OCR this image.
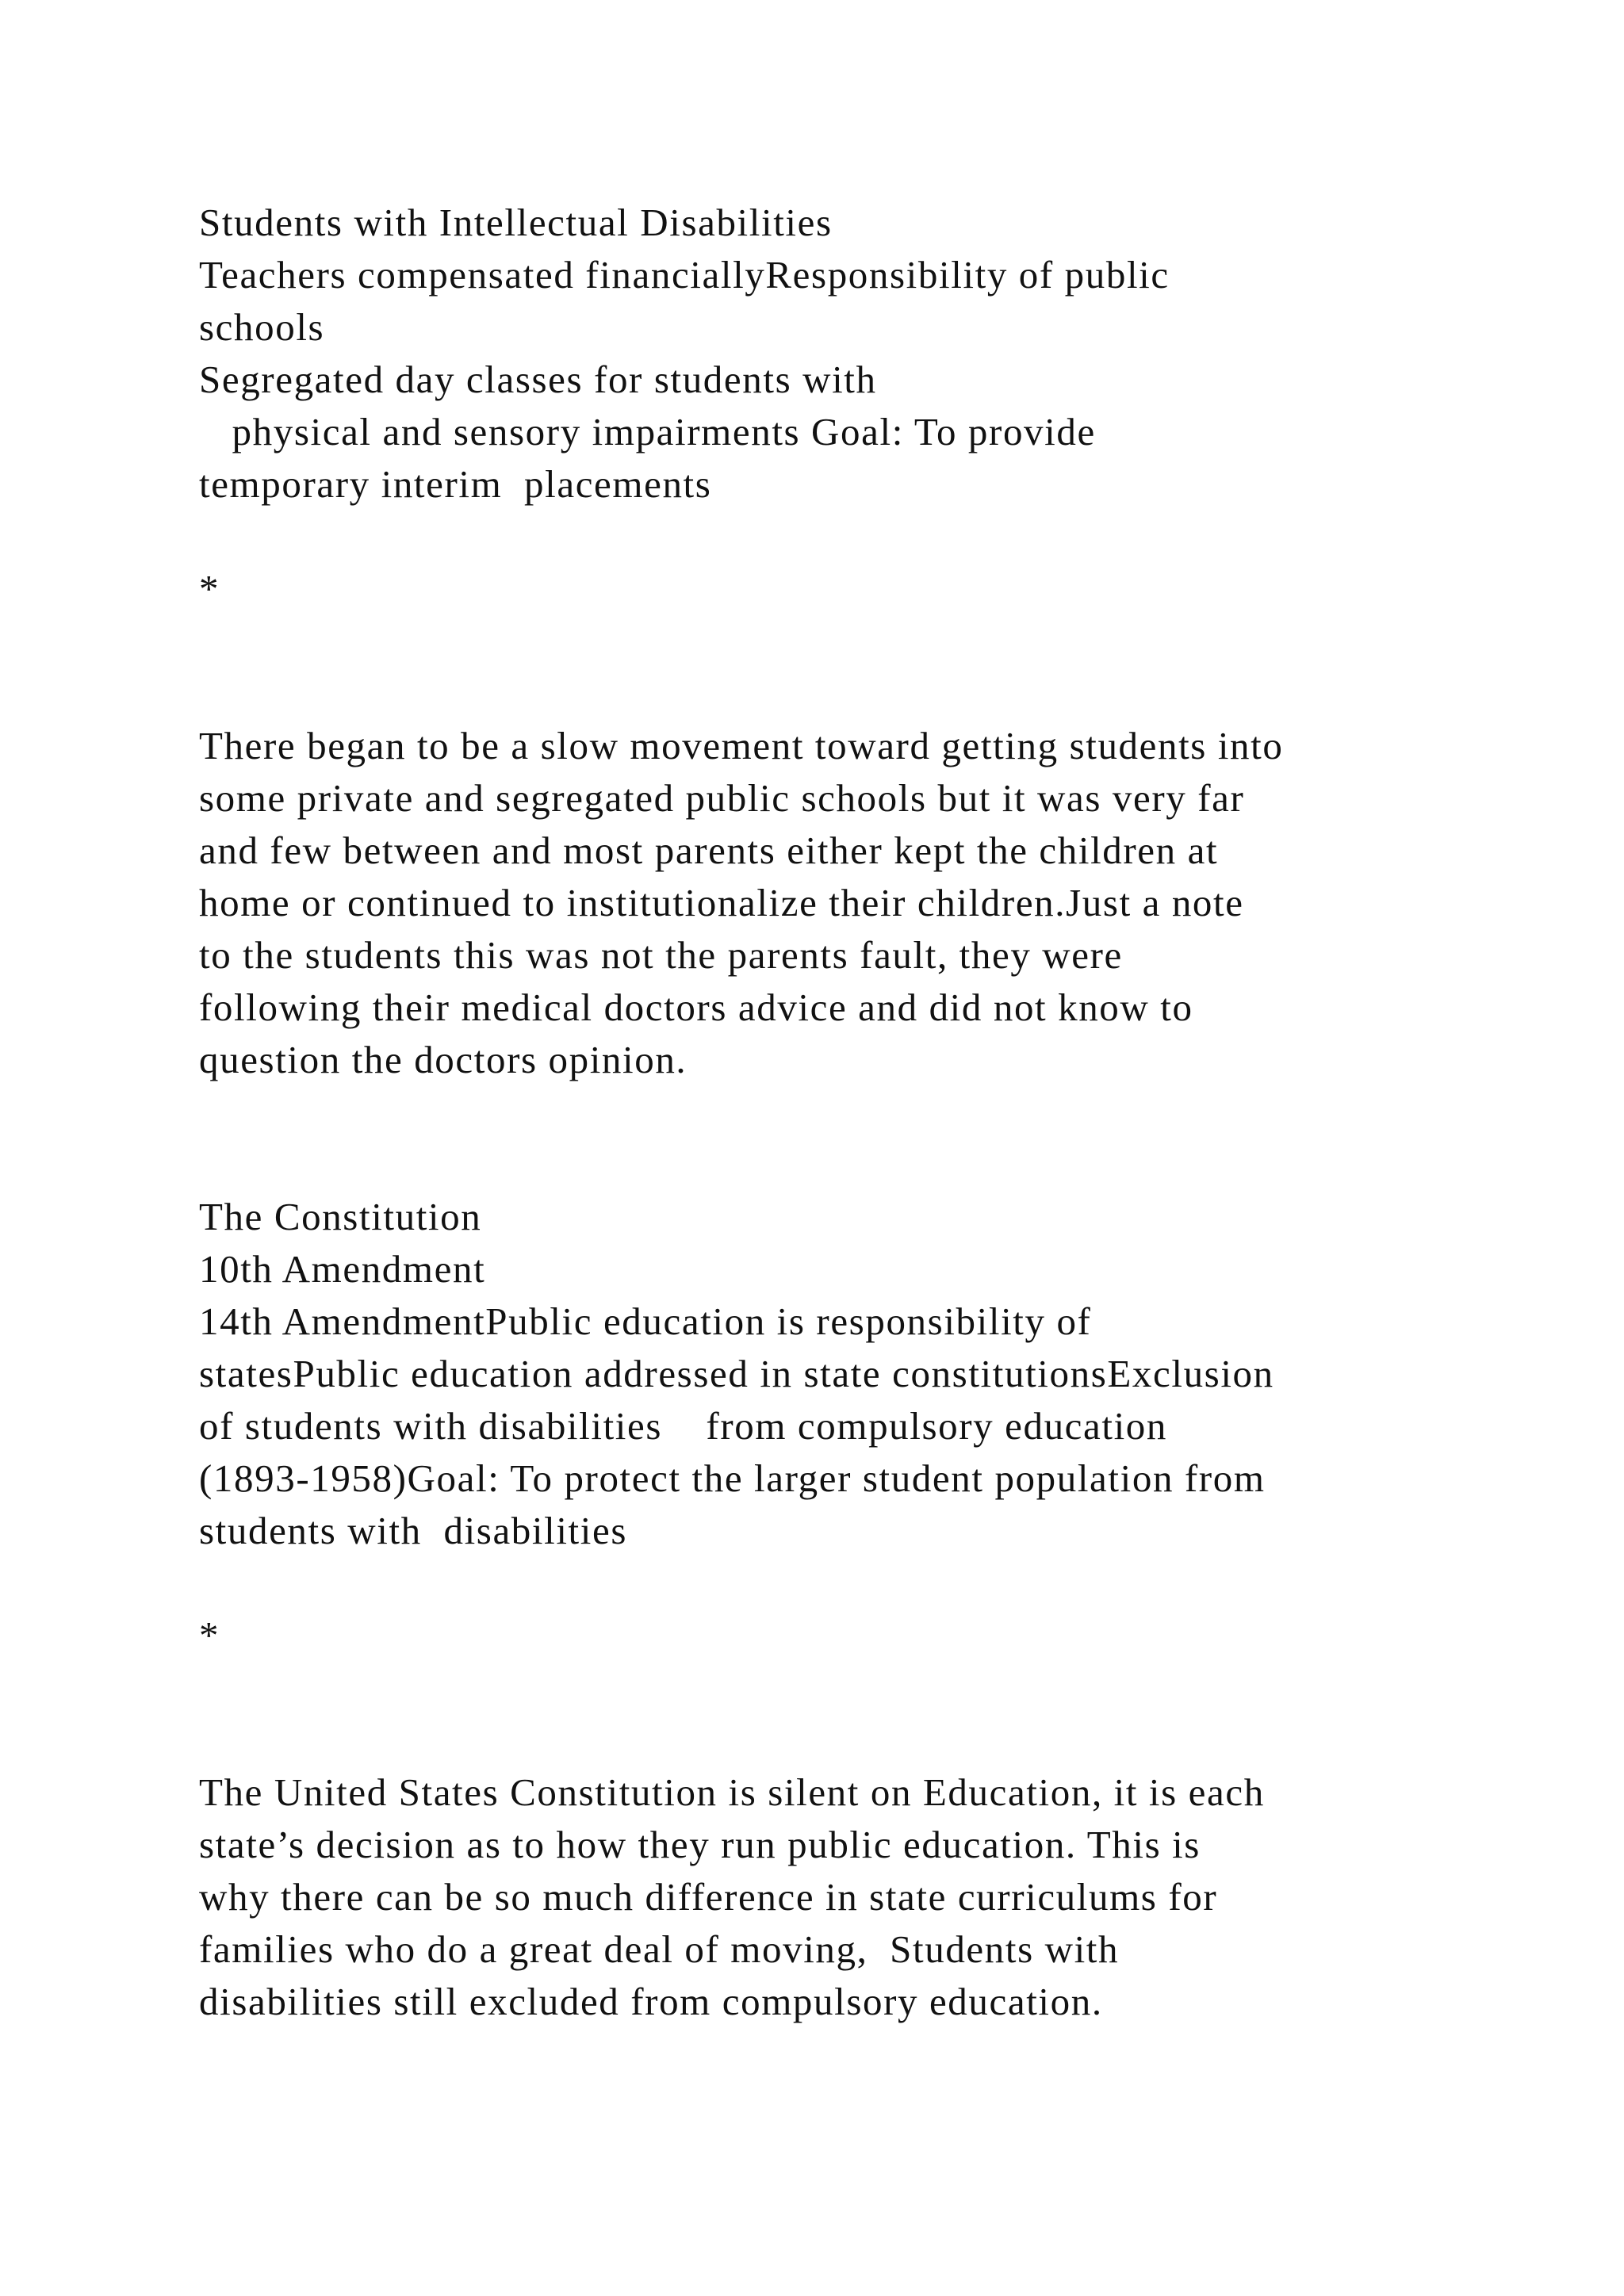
Students with Intellectual Disabilities

Teachers compensated financiallyResponsibility of public

schools

Segregated day classes for students with

physical and sensory impairments Goal: To provide

temporary interim  placements

*

There began to be a slow movement toward getting students into

some private and segregated public schools but it was very far

and few between and most parents either kept the children at

home or continued to institutionalize their children.Just a note

to the students this was not the parents fault, they were

following their medical doctors advice and did not know to

question the doctors opinion.

The Constitution

10th Amendment

14th AmendmentPublic education is responsibility of

statesPublic education addressed in state constitutionsExclusion

of students with disabilities    from compulsory education

(1893-1958)Goal: To protect the larger student population from

students with  disabilities

*

The United States Constitution is silent on Education, it is each

state’s decision as to how they run public education. This is

why there can be so much difference in state curriculums for

families who do a great deal of moving,  Students with

disabilities still excluded from compulsory education.
